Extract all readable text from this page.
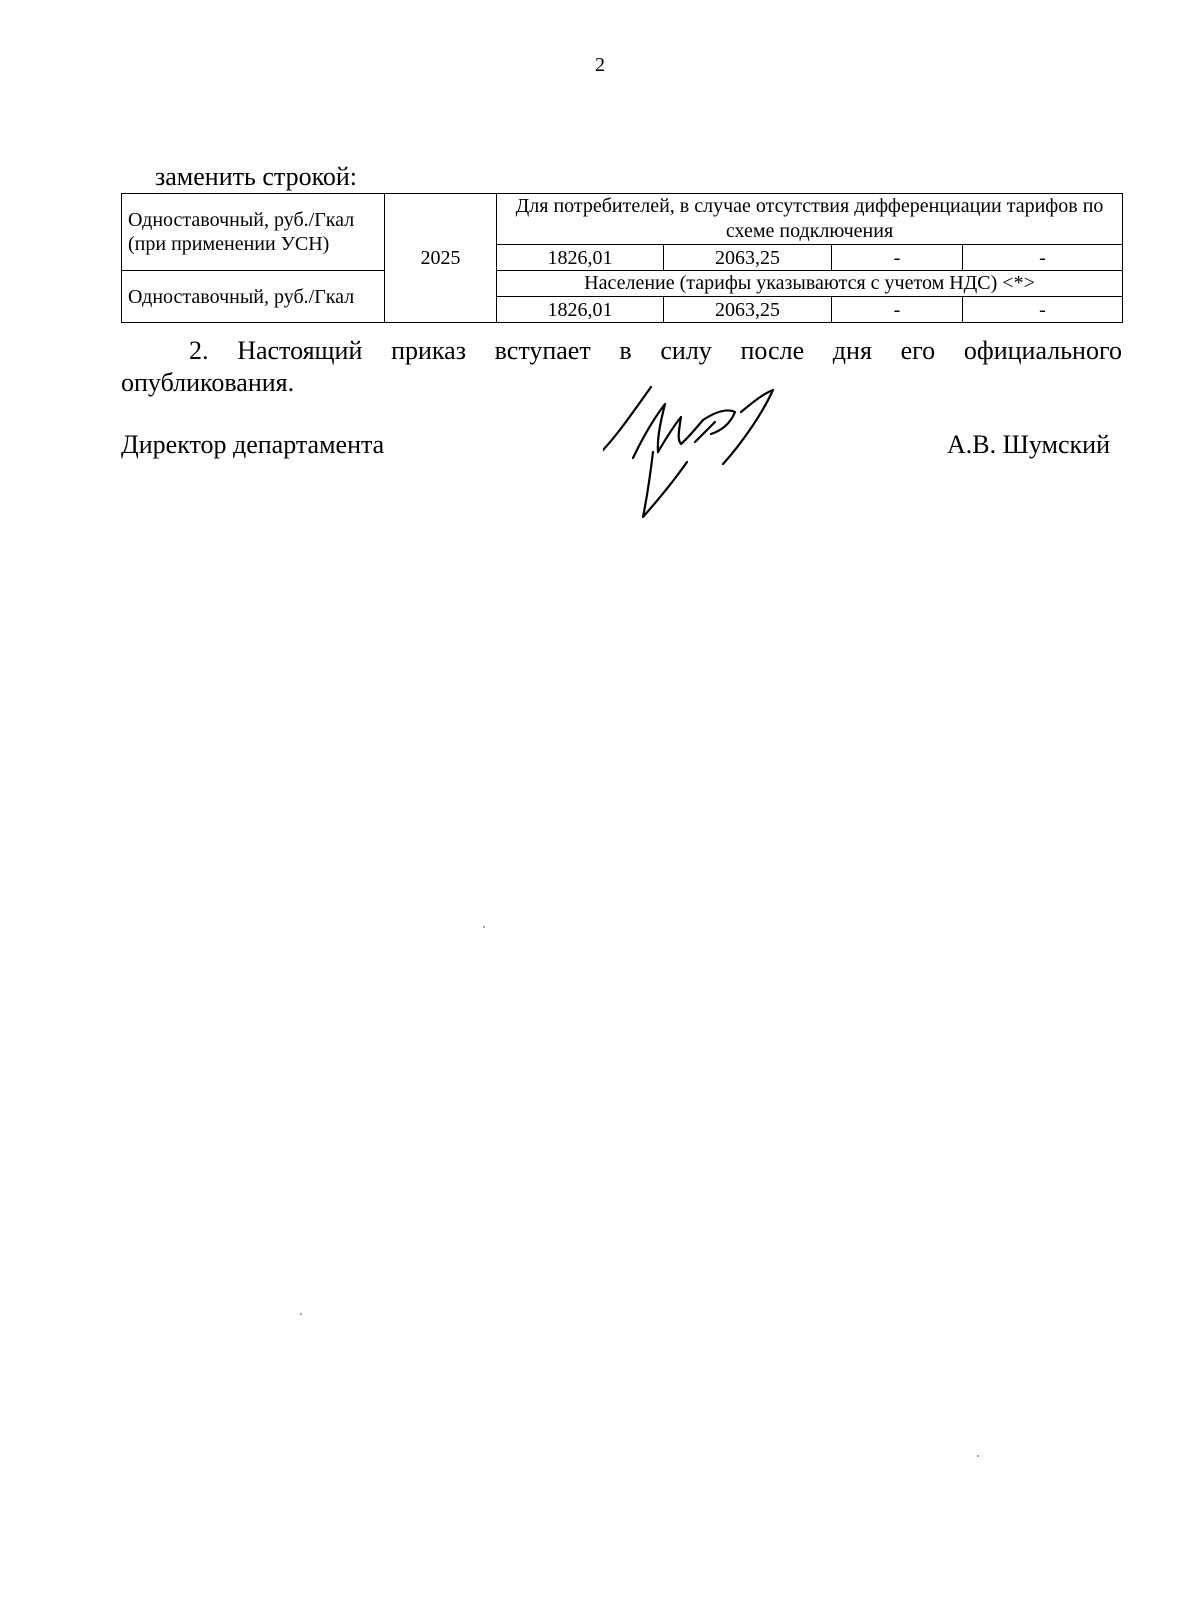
2
заменить строкой:
Одноставочный, руб./Гкал (при применении УСН)	2025	Для потребителей, в случае отсутствия дифференциации тарифов по схеме подключения			
		1826,01	2063,25	-	-
Одноставочный, руб./Гкал		Население (тарифы указываются с учетом НДС) <*>			
		1826,01	2063,25	-	-
2. Настоящий приказ вступает в силу после дня его официального
опубликования.
Директор департамента	А.В. Шумский
